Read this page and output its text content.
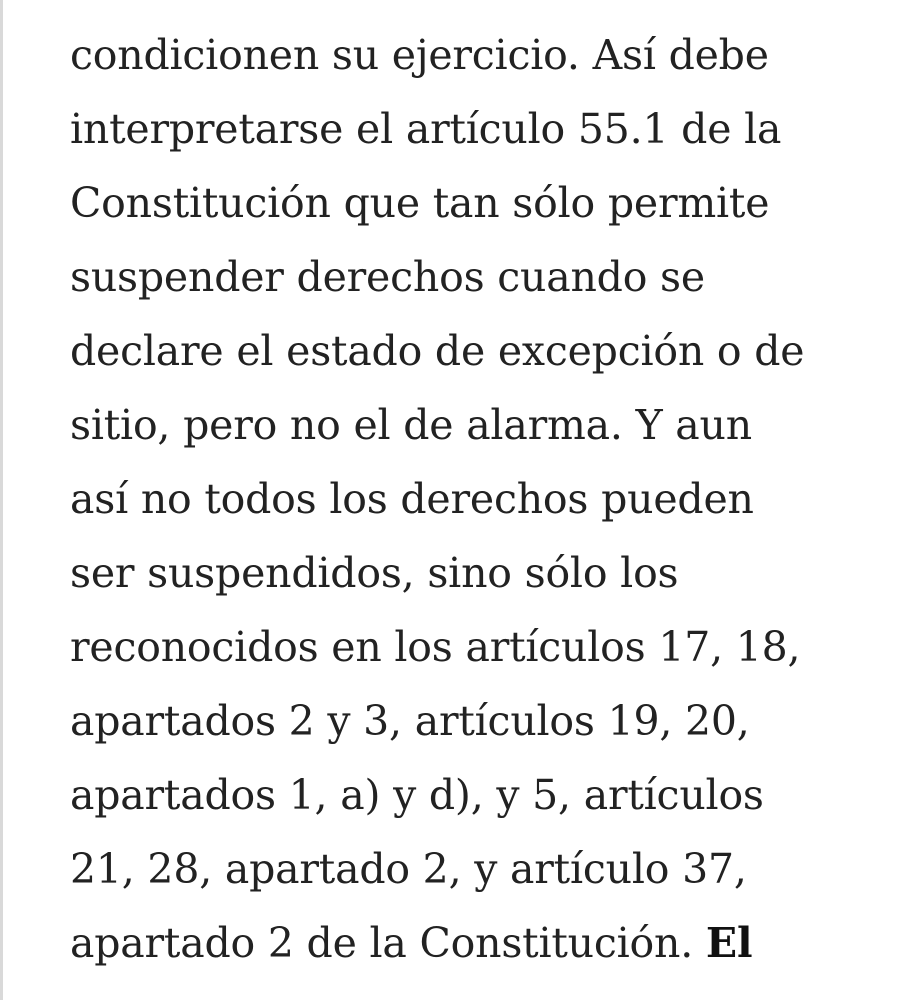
condicionen su ejercicio. Así debe
interpretarse el artículo 55.1 de la
Constitución que tan sólo permite
suspender derechos cuando se
declare el estado de excepción o de
sitio, pero no el de alarma. Y aun
así no todos los derechos pueden
ser suspendidos, sino sólo los
reconocidos en los artículos 17, 18,
apartados 2 y 3, artículos 19, 20,
apartados 1, a) y d), y 5, artículos
21, 28, apartado 2, y artículo 37,
apartado 2 de la Constitución. El
